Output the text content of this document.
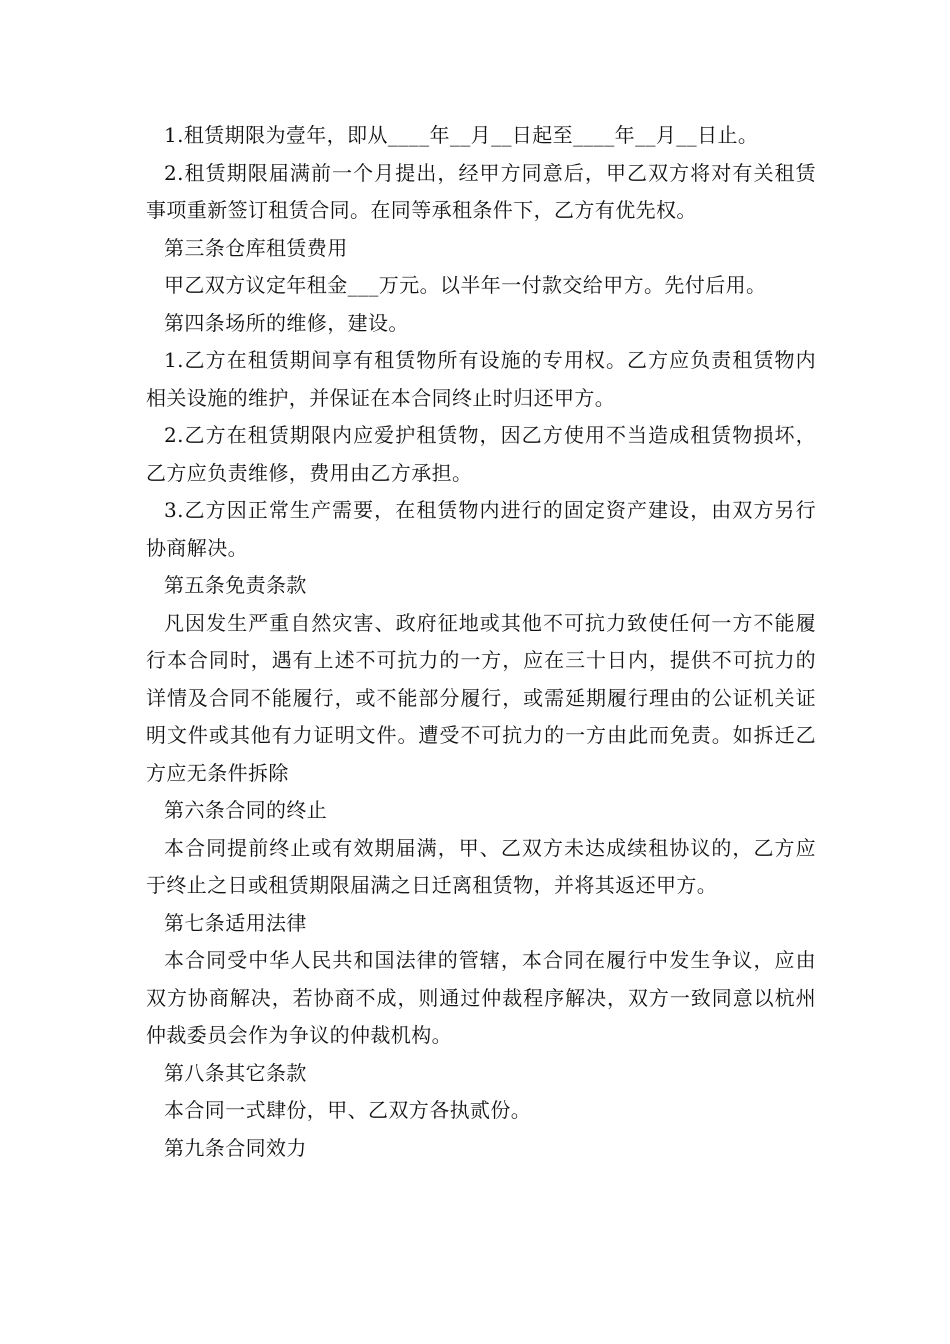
1.租赁期限为壹年，即从____年__月__日起至____年__月__日止。

2.租赁期限届满前一个月提出，经甲方同意后，甲乙双方将对有关租赁事项重新签订租赁合同。在同等承租条件下，乙方有优先权。

第三条仓库租赁费用

甲乙双方议定年租金___万元。以半年一付款交给甲方。先付后用。

第四条场所的维修，建设。

1.乙方在租赁期间享有租赁物所有设施的专用权。乙方应负责租赁物内相关设施的维护，并保证在本合同终止时归还甲方。

2.乙方在租赁期限内应爱护租赁物，因乙方使用不当造成租赁物损坏，乙方应负责维修，费用由乙方承担。

3.乙方因正常生产需要，在租赁物内进行的固定资产建设，由双方另行协商解决。

第五条免责条款

凡因发生严重自然灾害、政府征地或其他不可抗力致使任何一方不能履行本合同时，遇有上述不可抗力的一方，应在三十日内，提供不可抗力的详情及合同不能履行，或不能部分履行，或需延期履行理由的公证机关证明文件或其他有力证明文件。遭受不可抗力的一方由此而免责。如拆迁乙方应无条件拆除

第六条合同的终止

本合同提前终止或有效期届满，甲、乙双方未达成续租协议的，乙方应于终止之日或租赁期限届满之日迁离租赁物，并将其返还甲方。

第七条适用法律

本合同受中华人民共和国法律的管辖，本合同在履行中发生争议，应由双方协商解决，若协商不成，则通过仲裁程序解决，双方一致同意以杭州仲裁委员会作为争议的仲裁机构。

第八条其它条款

本合同一式肆份，甲、乙双方各执贰份。

第九条合同效力
